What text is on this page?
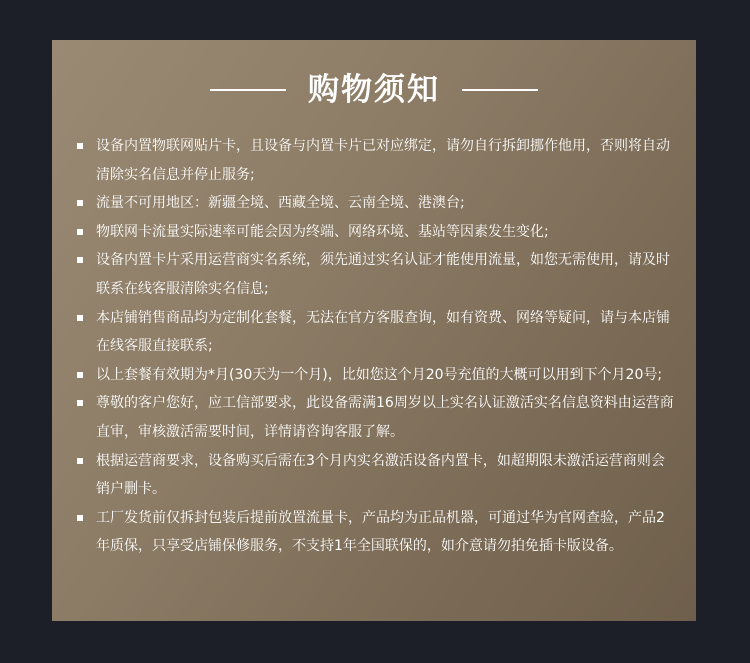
购物须知
设备内置物联网贴片卡，且设备与内置卡片已对应绑定，请勿自行拆卸挪作他用，否则将自动清除实名信息并停止服务;
流量不可用地区：新疆全境、西藏全境、云南全境、港澳台;
物联网卡流量实际速率可能会因为终端、网络环境、基站等因素发生变化;
设备内置卡片采用运营商实名系统，须先通过实名认证才能使用流量，如您无需使用，请及时联系在线客服清除实名信息;
本店铺销售商品均为定制化套餐，无法在官方客服查询，如有资费、网络等疑问，请与本店铺在线客服直接联系;
以上套餐有效期为*月(30天为一个月)，比如您这个月20号充值的大概可以用到下个月20号;
尊敬的客户您好，应工信部要求，此设备需满16周岁以上实名认证激活实名信息资料由运营商直审，审核激活需要时间，详情请咨询客服了解。
根据运营商要求，设备购买后需在3个月内实名激活设备内置卡，如超期限未激活运营商则会销户删卡。
工厂发货前仅拆封包装后提前放置流量卡，产品均为正品机器，可通过华为官网查验，产品2年质保，只享受店铺保修服务，不支持1年全国联保的，如介意请勿拍免插卡版设备。
